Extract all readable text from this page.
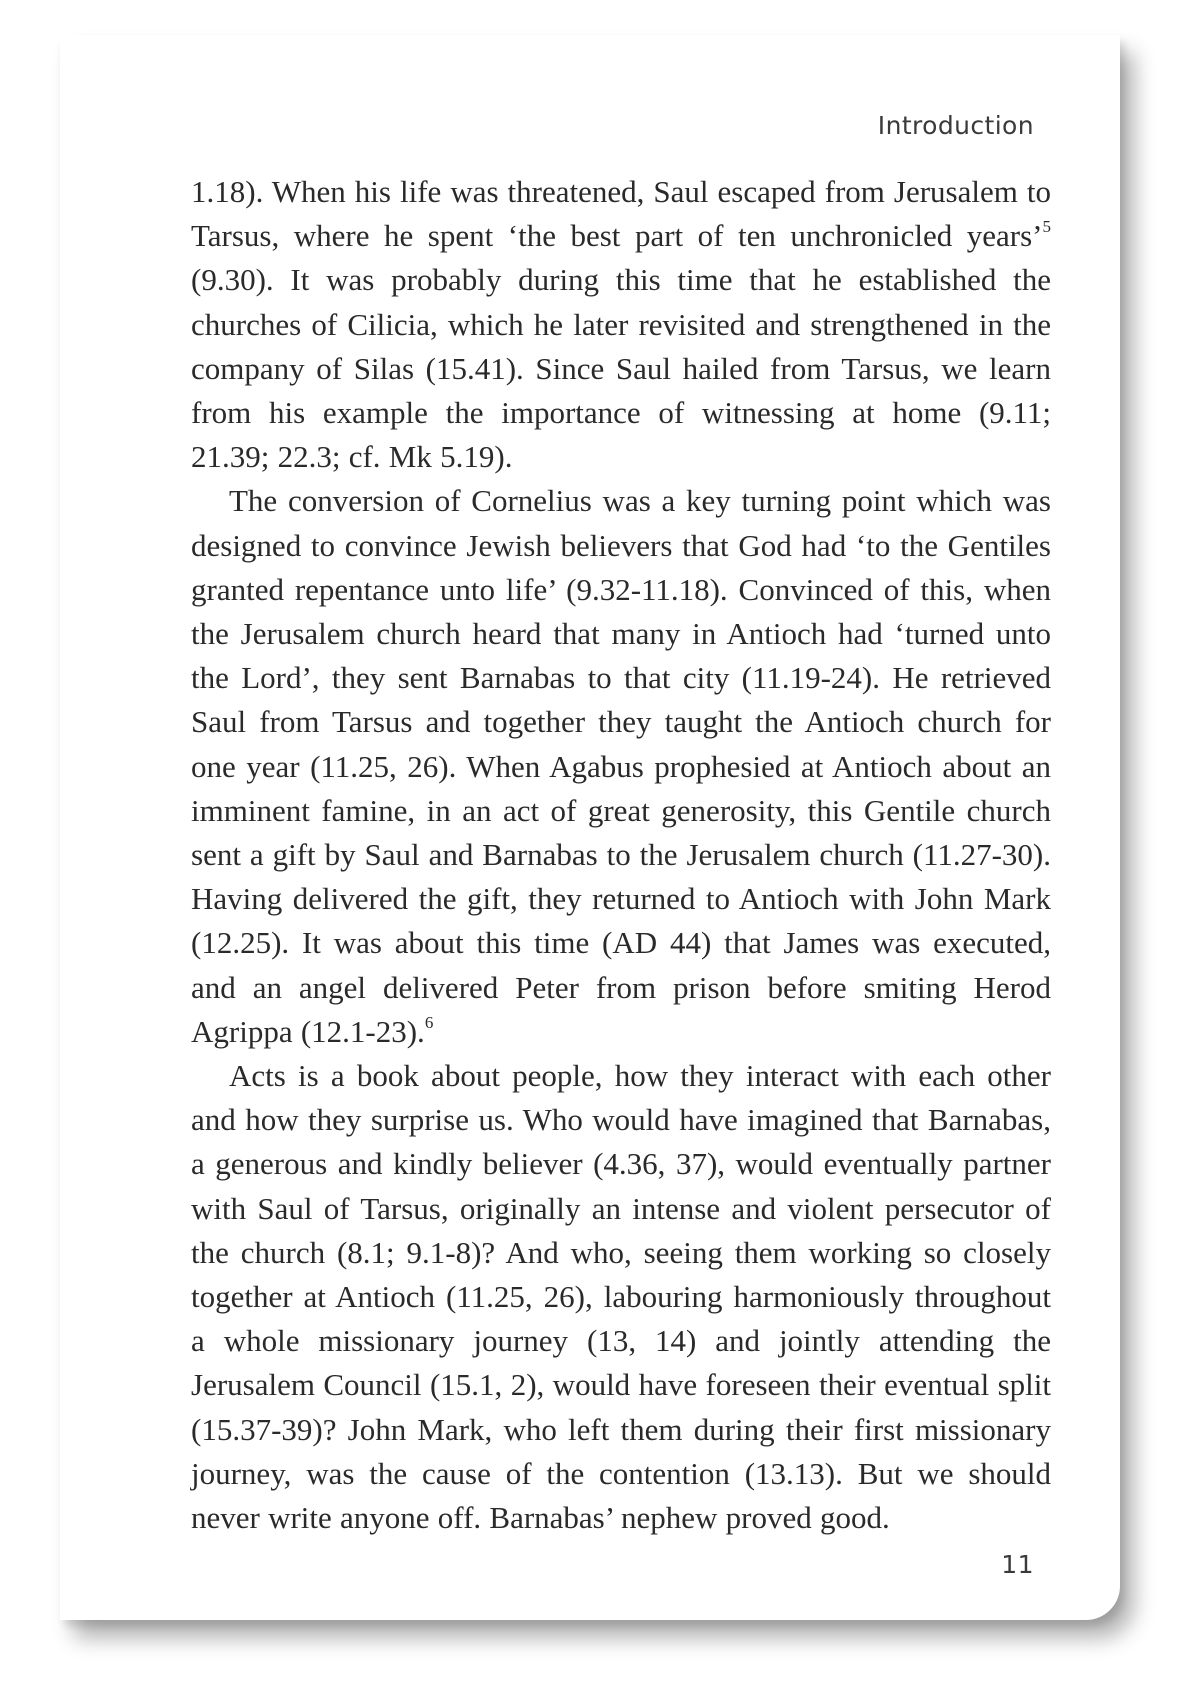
Introduction

1.18). When his life was threatened, Saul escaped from Jerusalem to Tarsus, where he spent ‘the best part of ten unchronicled years’$^5$ (9.30). It was probably during this time that he established the churches of Cilicia, which he later revisited and strengthened in the company of Silas (15.41). Since Saul hailed from Tarsus, we learn from his example the importance of witnessing at home (9.11; 21.39; 22.3; cf. Mk 5.19).

The conversion of Cornelius was a key turning point which was designed to convince Jewish believers that God had ‘to the Gentiles granted repentance unto life’ (9.32-11.18). Convinced of this, when the Jerusalem church heard that many in Antioch had ‘turned unto the Lord’, they sent Barnabas to that city (11.19-24). He retrieved Saul from Tarsus and together they taught the Antioch church for one year (11.25, 26). When Agabus prophesied at Antioch about an imminent famine, in an act of great generosity, this Gentile church sent a gift by Saul and Barnabas to the Jerusalem church (11.27-30). Having delivered the gift, they returned to Antioch with John Mark (12.25). It was about this time (AD 44) that James was executed, and an angel delivered Peter from prison before smiting Herod Agrippa (12.1-23).$^6$

Acts is a book about people, how they interact with each other and how they surprise us. Who would have imagined that Barnabas, a generous and kindly believer (4.36, 37), would eventually partner with Saul of Tarsus, originally an intense and violent persecutor of the church (8.1; 9.1-8)? And who, seeing them working so closely together at Antioch (11.25, 26), labouring harmoniously throughout a whole missionary journey (13, 14) and jointly attending the Jerusalem Council (15.1, 2), would have foreseen their eventual split (15.37-39)? John Mark, who left them during their first missionary journey, was the cause of the contention (13.13). But we should never write anyone off. Barnabas’ nephew proved good.

11
